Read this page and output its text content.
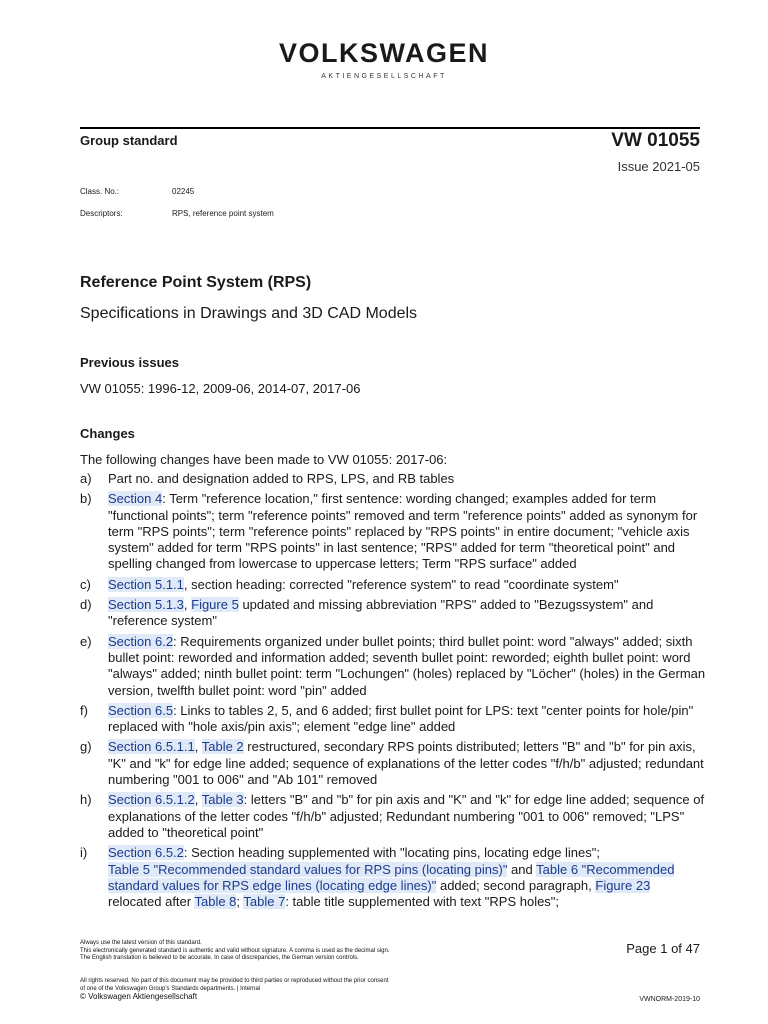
VOLKSWAGEN
AKTIENGESELLSCHAFT
Group standard	VW 01055
Issue 2021-05
Class. No.:	02245
Descriptors:	RPS, reference point system
Reference Point System (RPS)
Specifications in Drawings and 3D CAD Models
Previous issues
VW 01055: 1996-12, 2009-06, 2014-07, 2017-06
Changes
The following changes have been made to VW 01055: 2017-06:
a) Part no. and designation added to RPS, LPS, and RB tables
b) Section 4: Term "reference location," first sentence: wording changed; examples added for term "functional points"; term "reference points" removed and term "reference points" added as synonym for term "RPS points"; term "reference points" replaced by "RPS points" in entire document; "vehicle axis system" added for term "RPS points" in last sentence; "RPS" added for term "theoretical point" and spelling changed from lowercase to uppercase letters; Term "RPS surface" added
c) Section 5.1.1, section heading: corrected "reference system" to read "coordinate system"
d) Section 5.1.3, Figure 5 updated and missing abbreviation "RPS" added to "Bezugssystem" and "reference system"
e) Section 6.2: Requirements organized under bullet points; third bullet point: word "always" added; sixth bullet point: reworded and information added; seventh bullet point: reworded; eighth bullet point: word "always" added; ninth bullet point: term "Lochungen" (holes) replaced by "Löcher" (holes) in the German version, twelfth bullet point: word "pin" added
f) Section 6.5: Links to tables 2, 5, and 6 added; first bullet point for LPS: text "center points for hole/pin" replaced with "hole axis/pin axis"; element "edge line" added
g) Section 6.5.1.1, Table 2 restructured, secondary RPS points distributed; letters "B" and "b" for pin axis, "K" and "k" for edge line added; sequence of explanations of the letter codes "f/h/b" adjusted; redundant numbering "001 to 006" and "Ab 101" removed
h) Section 6.5.1.2, Table 3: letters "B" and "b" for pin axis and "K" and "k" for edge line added; sequence of explanations of the letter codes "f/h/b" adjusted; Redundant numbering "001 to 006" removed; "LPS" added to "theoretical point"
i) Section 6.5.2: Section heading supplemented with "locating pins, locating edge lines";
Table 5 "Recommended standard values for RPS pins (locating pins)" and Table 6 "Recommended standard values for RPS edge lines (locating edge lines)" added; second paragraph, Figure 23 relocated after Table 8; Table 7: table title supplemented with text "RPS holes";
Always use the latest version of this standard.
This electronically generated standard is authentic and valid without signature. A comma is used as the decimal sign.
The English translation is believed to be accurate. In case of discrepancies, the German version controls.
All rights reserved. No part of this document may be provided to third parties or reproduced without the prior consent
of one of the Volkswagen Group's Standards departments. | Internal
© Volkswagen Aktiengesellschaft
Page 1 of 47
VWNORM-2019-10
